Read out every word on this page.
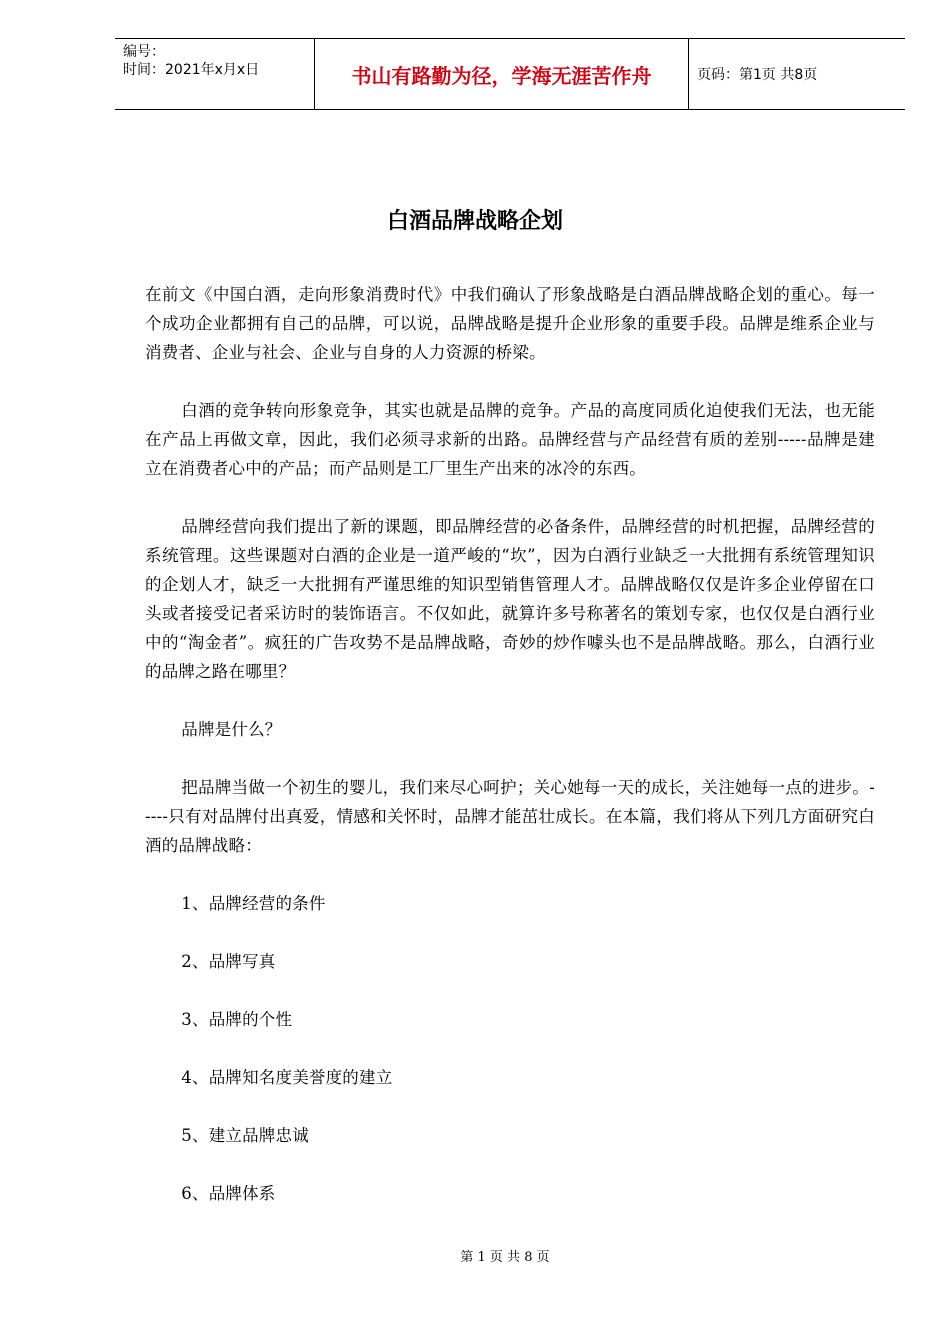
编号：
时间：2021年x月x日	书山有路勤为径，学海无涯苦作舟	页码：第1页 共8页
白酒品牌战略企划

在前文《中国白酒，走向形象消费时代》中我们确认了形象战略是白酒品牌战略企划的重心。每一个成功企业都拥有自己的品牌，可以说，品牌战略是提升企业形象的重要手段。品牌是维系企业与消费者、企业与社会、企业与自身的人力资源的桥梁。

白酒的竞争转向形象竞争，其实也就是品牌的竞争。产品的高度同质化迫使我们无法，也无能在产品上再做文章，因此，我们必须寻求新的出路。品牌经营与产品经营有质的差别-----品牌是建立在消费者心中的产品；而产品则是工厂里生产出来的冰冷的东西。

品牌经营向我们提出了新的课题，即品牌经营的必备条件，品牌经营的时机把握，品牌经营的系统管理。这些课题对白酒的企业是一道严峻的“坎”，因为白酒行业缺乏一大批拥有系统管理知识的企划人才，缺乏一大批拥有严谨思维的知识型销售管理人才。品牌战略仅仅是许多企业停留在口头或者接受记者采访时的装饰语言。不仅如此，就算许多号称著名的策划专家，也仅仅是白酒行业中的“淘金者”。疯狂的广告攻势不是品牌战略，奇妙的炒作噱头也不是品牌战略。那么，白酒行业的品牌之路在哪里？

品牌是什么？

把品牌当做一个初生的婴儿，我们来尽心呵护；关心她每一天的成长，关注她每一点的进步。-----只有对品牌付出真爱，情感和关怀时，品牌才能茁壮成长。在本篇，我们将从下列几方面研究白酒的品牌战略：

1、品牌经营的条件
2、品牌写真
3、品牌的个性
4、品牌知名度美誉度的建立
5、建立品牌忠诚
6、品牌体系
第 1 页 共 8 页
